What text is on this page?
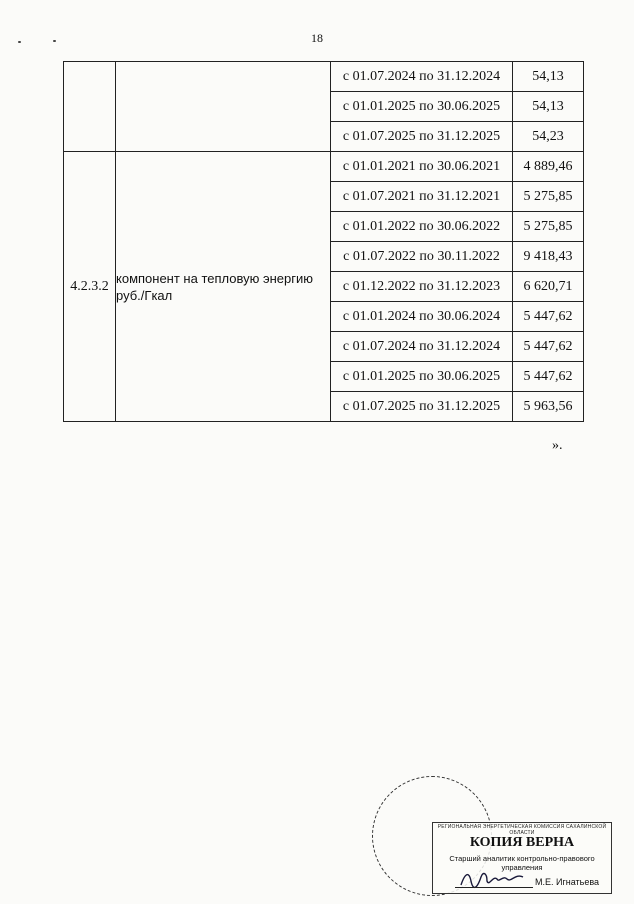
18
		с 01.07.2024 по 31.12.2024	54,13
		с 01.01.2025 по 30.06.2025	54,13
		с 01.07.2025 по 31.12.2025	54,23
4.2.3.2	компонент на тепловую энергию руб./Гкал	с 01.01.2021 по 30.06.2021	4 889,46
		с 01.07.2021 по 31.12.2021	5 275,85
		с 01.01.2022 по 30.06.2022	5 275,85
		с 01.07.2022 по 30.11.2022	9 418,43
		с 01.12.2022 по 31.12.2023	6 620,71
		с 01.01.2024 по 30.06.2024	5 447,62
		с 01.07.2024 по 31.12.2024	5 447,62
		с 01.01.2025 по 30.06.2025	5 447,62
		с 01.07.2025 по 31.12.2025	5 963,56
».
РЕГИОНАЛЬНАЯ ЭНЕРГЕТИЧЕСКАЯ КОМИССИЯ САХАЛИНСКОЙ ОБЛАСТИ
КОПИЯ ВЕРНА
Старший аналитик контрольно-правового управления
М.Е. Игнатьева
